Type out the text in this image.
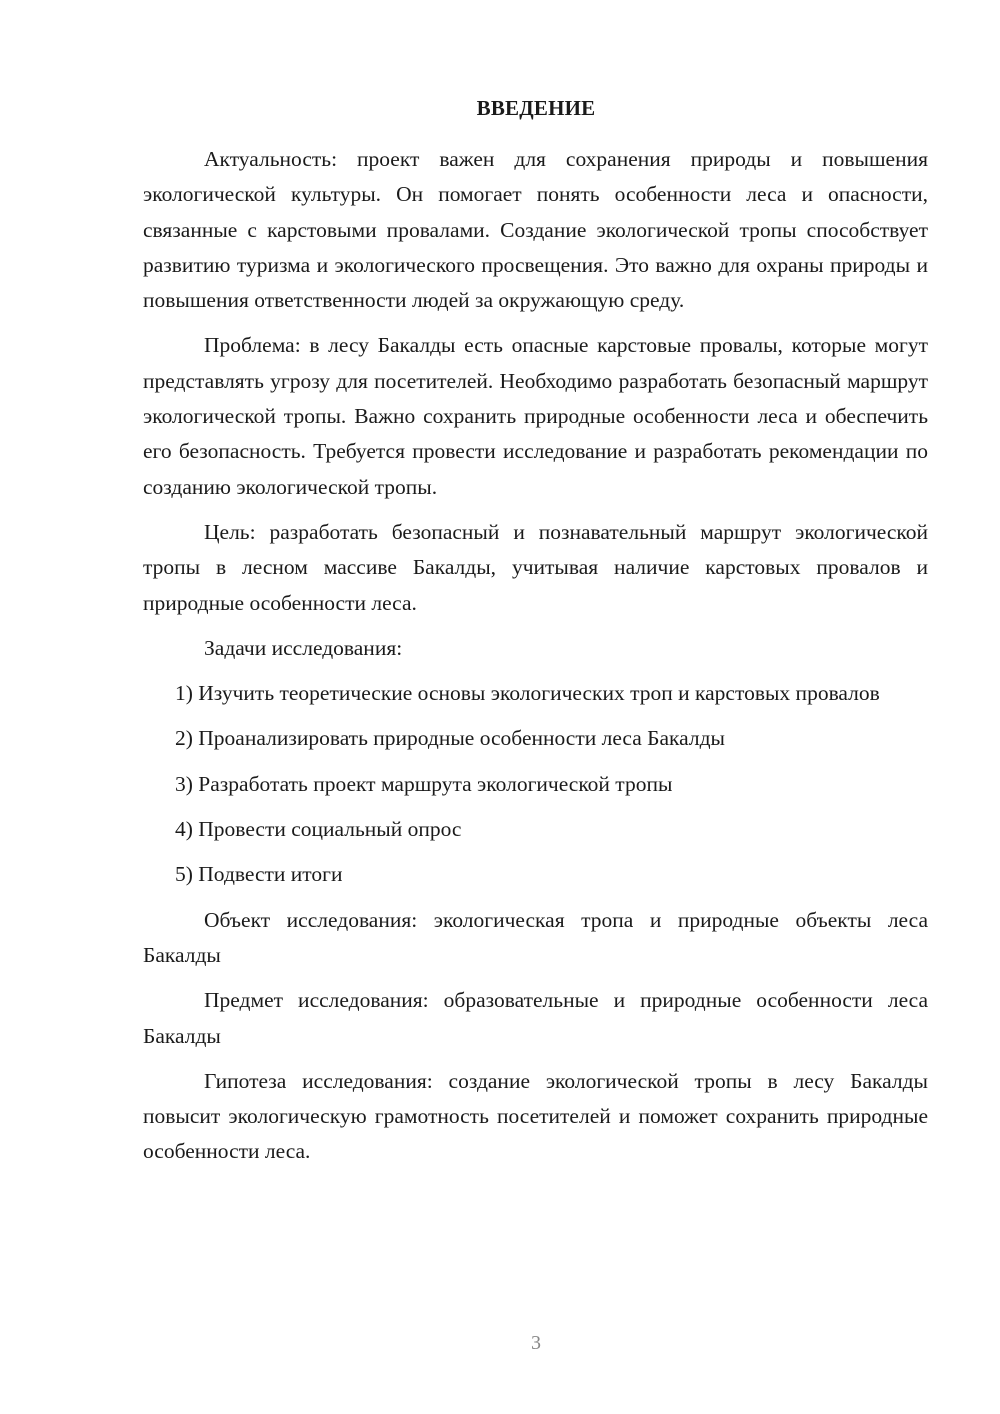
ВВЕДЕНИЕ

Актуальность: проект важен для сохранения природы и повышения экологической культуры. Он помогает понять особенности леса и опасности, связанные с карстовыми провалами. Создание экологической тропы способствует развитию туризма и экологического просвещения. Это важно для охраны природы и повышения ответственности людей за окружающую среду.

Проблема: в лесу Бакалды есть опасные карстовые провалы, которые могут представлять угрозу для посетителей. Необходимо разработать безопасный маршрут экологической тропы. Важно сохранить природные особенности леса и обеспечить его безопасность. Требуется провести исследование и разработать рекомендации по созданию экологической тропы.

Цель: разработать безопасный и познавательный маршрут экологической тропы в лесном массиве Бакалды, учитывая наличие карстовых провалов и природные особенности леса.

Задачи исследования:

1) Изучить теоретические основы экологических троп и карстовых провалов

2) Проанализировать природные особенности леса Бакалды

3) Разработать проект маршрута экологической тропы

4) Провести социальный опрос

5) Подвести итоги

Объект исследования: экологическая тропа и природные объекты леса Бакалды

Предмет исследования: образовательные и природные особенности леса Бакалды

Гипотеза исследования: создание экологической тропы в лесу Бакалды повысит экологическую грамотность посетителей и поможет сохранить природные особенности леса.

3
